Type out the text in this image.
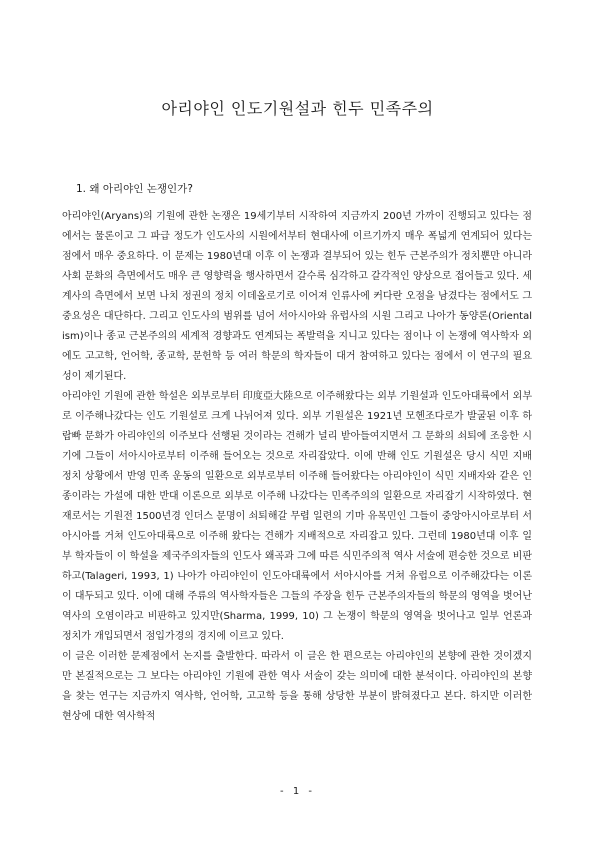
아리야인 인도기원설과 힌두 민족주의
1. 왜 아리야인 논쟁인가?

아리야인(Aryans)의 기원에 관한 논쟁은 19세기부터 시작하여 지금까지 200년 가까이 진행되고 있다는 점에서는 물론이고 그 파급 정도가 인도사의 시원에서부터 현대사에 이르기까지 매우 폭넓게 연계되어 있다는 점에서 매우 중요하다. 이 문제는 1980년대 이후 이 논쟁과 결부되어 있는 힌두 근본주의가 정치뿐만 아니라 사회 문화의 측면에서도 매우 큰 영향력을 행사하면서 갈수록 심각하고 갈각적인 양상으로 접어들고 있다. 세계사의 측면에서 보면 나치 정권의 정치 이데올로기로 이어져 인류사에 커다란 오점을 남겼다는 점에서도 그 중요성은 대단하다. 그리고 인도사의 범위를 넘어 서아시아와 유럽사의 시원 그리고 나아가 동양론(Orientalism)이나 종교 근본주의의 세계적 경향과도 연계되는 폭발력을 지니고 있다는 점이나 이 논쟁에 역사학자 외에도 고고학, 언어학, 종교학, 문헌학 등 여러 학문의 학자들이 대거 참여하고 있다는 점에서 이 연구의 필요성이 제기된다.

아리야인 기원에 관한 학설은 외부로부터 印度亞大陸으로 이주해왔다는 외부 기원설과 인도아대륙에서 외부로 이주해나갔다는 인도 기원설로 크게 나뉘어져 있다. 외부 기원설은 1921년 모헨조다로가 발굴된 이후 하랍빠 문화가 아리야인의 이주보다 선행된 것이라는 견해가 널리 받아들여지면서 그 문화의 쇠퇴에 조응한 시기에 그들이 서아시아로부터 이주해 들어오는 것으로 자리잡았다. 이에 반해 인도 기원설은 당시 식민 지배 정치 상황에서 반영 민족 운동의 일환으로 외부로부터 이주해 들어왔다는 아리야인이 식민 지배자와 같은 인종이라는 가설에 대한 반대 이론으로 외부로 이주해 나갔다는 민족주의의 일환으로 자리잡기 시작하였다. 현재로서는 기원전 1500년경 인더스 문명이 쇠퇴해갈 무렵 일련의 기마 유목민인 그들이 중앙아시아로부터 서아시아를 거쳐 인도아대륙으로 이주해 왔다는 견해가 지배적으로 자리잡고 있다. 그런데 1980년대 이후 일부 학자들이 이 학설을 제국주의자들의 인도사 왜곡과 그에 따른 식민주의적 역사 서술에 편승한 것으로 비판하고(Talageri, 1993, 1) 나아가 아리야인이 인도아대륙에서 서아시아를 거쳐 유럽으로 이주해갔다는 이론이 대두되고 있다. 이에 대해 주류의 역사학자들은 그들의 주장을 힌두 근본주의자들의 학문의 영역을 벗어난 역사의 오염이라고 비판하고 있지만(Sharma, 1999, 10) 그 논쟁이 학문의 영역을 벗어나고 일부 언론과 정치가 개입되면서 점입가경의 경지에 이르고 있다.

이 글은 이러한 문제점에서 논지를 출발한다. 따라서 이 글은 한 편으로는 아리야인의 본향에 관한 것이겠지만 본질적으로는 그 보다는 아리야인 기원에 관한 역사 서술이 갖는 의미에 대한 분석이다. 아리야인의 본향을 찾는 연구는 지금까지 역사학, 언어학, 고고학 등을 통해 상당한 부분이 밝혀졌다고 본다. 하지만 이러한 현상에 대한 역사학적

- 1 -
